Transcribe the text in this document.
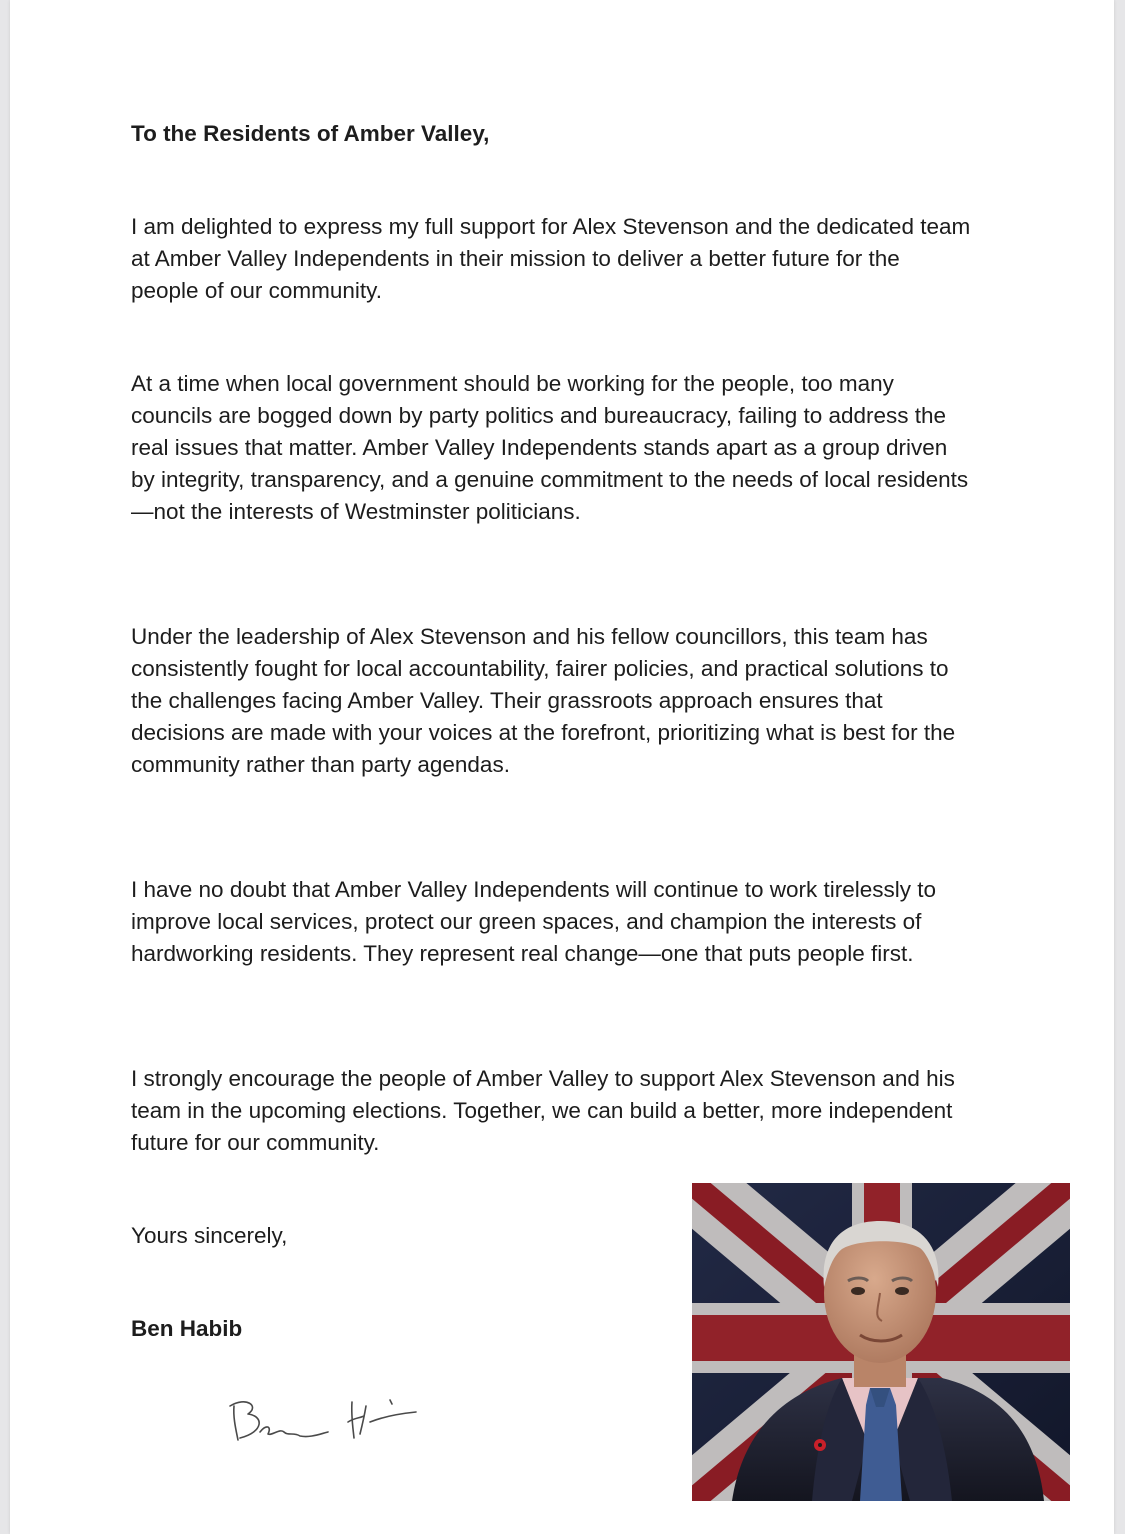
To the Residents of Amber Valley,

I am delighted to express my full support for Alex Stevenson and the dedicated team at Amber Valley Independents in their mission to deliver a better future for the people of our community.

At a time when local government should be working for the people, too many councils are bogged down by party politics and bureaucracy, failing to address the real issues that matter. Amber Valley Independents stands apart as a group driven by integrity, transparency, and a genuine commitment to the needs of local residents—not the interests of Westminster politicians.

Under the leadership of Alex Stevenson and his fellow councillors, this team has consistently fought for local accountability, fairer policies, and practical solutions to the challenges facing Amber Valley. Their grassroots approach ensures that decisions are made with your voices at the forefront, prioritizing what is best for the community rather than party agendas.

I have no doubt that Amber Valley Independents will continue to work tirelessly to improve local services, protect our green spaces, and champion the interests of hardworking residents. They represent real change—one that puts people first.

I strongly encourage the people of Amber Valley to support Alex Stevenson and his team in the upcoming elections. Together, we can build a better, more independent future for our community.

Yours sincerely,

Ben Habib
